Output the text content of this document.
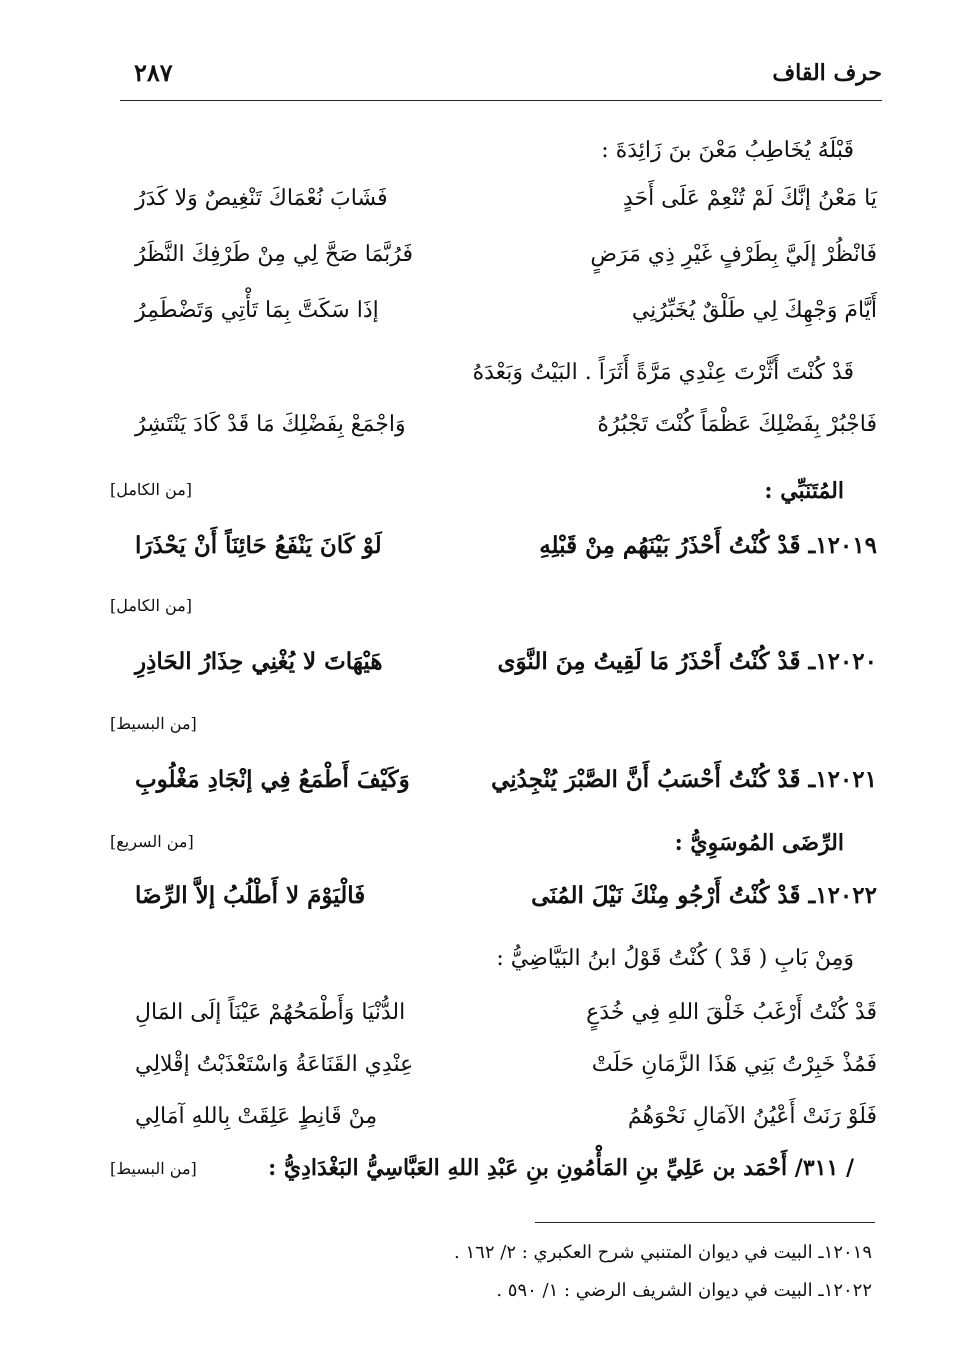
٢٨٧	حرف القاف
قَبْلَهُ يُخَاطِبُ مَعْنَ بنَ زَائِدَةَ :
يَا مَعْنُ إنَّكَ لَمْ تُنْعِمْ عَلَى أَحَدٍ
فَشَابَ نُعْمَاكَ تَنْغِيصٌ وَلا كَدَرُ
فَانْظُرْ إلَيَّ بِطَرْفٍ غَيْرِ ذِي مَرَضٍ
فَرُبَّمَا صَحَّ لِي مِنْ طَرْفِكَ النَّظَرُ
أَيَّامَ وَجْهِكَ لِي طَلْقٌ يُخَبِّرُنِي
إذَا سَكَتَّ بِمَا تَأْتِي وَتَضْطَمِرُ
قَدْ كُنْتَ أَثَّرْتَ عِنْدِي مَرَّةً أَثَرَاً . البَيْتُ وَبَعْدَهُ
فَاجْبُرْ بِفَضْلِكَ عَظْمَاً كُنْتَ تَجْبُرُهُ
وَاجْمَعْ بِفَضْلِكَ مَا قَدْ كَادَ يَنْتَشِرُ
المُتَنَبِّي :
[من الكامل]
١٢٠١٩ـ قَدْ كُنْتُ أَحْذَرُ بَيْنَهُم مِنْ قَبْلِهِ
لَوْ كَانَ يَنْفَعُ حَائِنَاً أَنْ يَحْذَرَا
[من الكامل]
١٢٠٢٠ـ قَدْ كُنْتُ أَحْذَرُ مَا لَقِيتُ مِنَ النَّوَى
هَيْهَاتَ لا يُغْنِي حِذَارُ الحَاذِرِ
[من البسيط]
١٢٠٢١ـ قَدْ كُنْتُ أَحْسَبُ أَنَّ الصَّبْرَ يُنْجِدُنِي
وَكَيْفَ أَطْمَعُ فِي إنْجَادِ مَغْلُوبِ
الرِّضَى المُوسَوِيُّ :
[من السريع]
١٢٠٢٢ـ قَدْ كُنْتُ أَرْجُو مِنْكَ نَيْلَ المُنَى
فَالْيَوْمَ لا أَطْلُبُ إلاَّ الرِّضَا
وَمِنْ بَابِ ( قَدْ ) كُنْتُ قَوْلُ ابنُ البَيَّاضِيُّ :
قَدْ كُنْتُ أَرْغَبُ خَلْقَ اللهِ فِي خُدَعٍ
الدُّنْيَا وَأَطْمَحُهُمْ عَيْنَاً إلَى المَالِ
فَمُذْ خَبِرْتُ بَنِي هَذَا الزَّمَانِ حَلَتْ
عِنْدِي القَنَاعَةُ وَاسْتَعْذَبْتُ إقْلالِي
فَلَوْ رَنَتْ أَعْيُنُ الآمَالِ نَحْوَهُمُ
مِنْ قَانِطٍ عَلِقَتْ بِاللهِ آمَالِي
/ ٣١١/ أَحْمَد بن عَلِيِّ بنِ المَأْمُونِ بنِ عَبْدِ اللهِ العَبَّاسِيُّ البَغْدَادِيُّ :
[من البسيط]
١٢٠١٩ـ البيت في ديوان المتنبي شرح العكبري : ٢/ ١٦٢ .
١٢٠٢٢ـ البيت في ديوان الشريف الرضي : ١/ ٥٩٠ .
